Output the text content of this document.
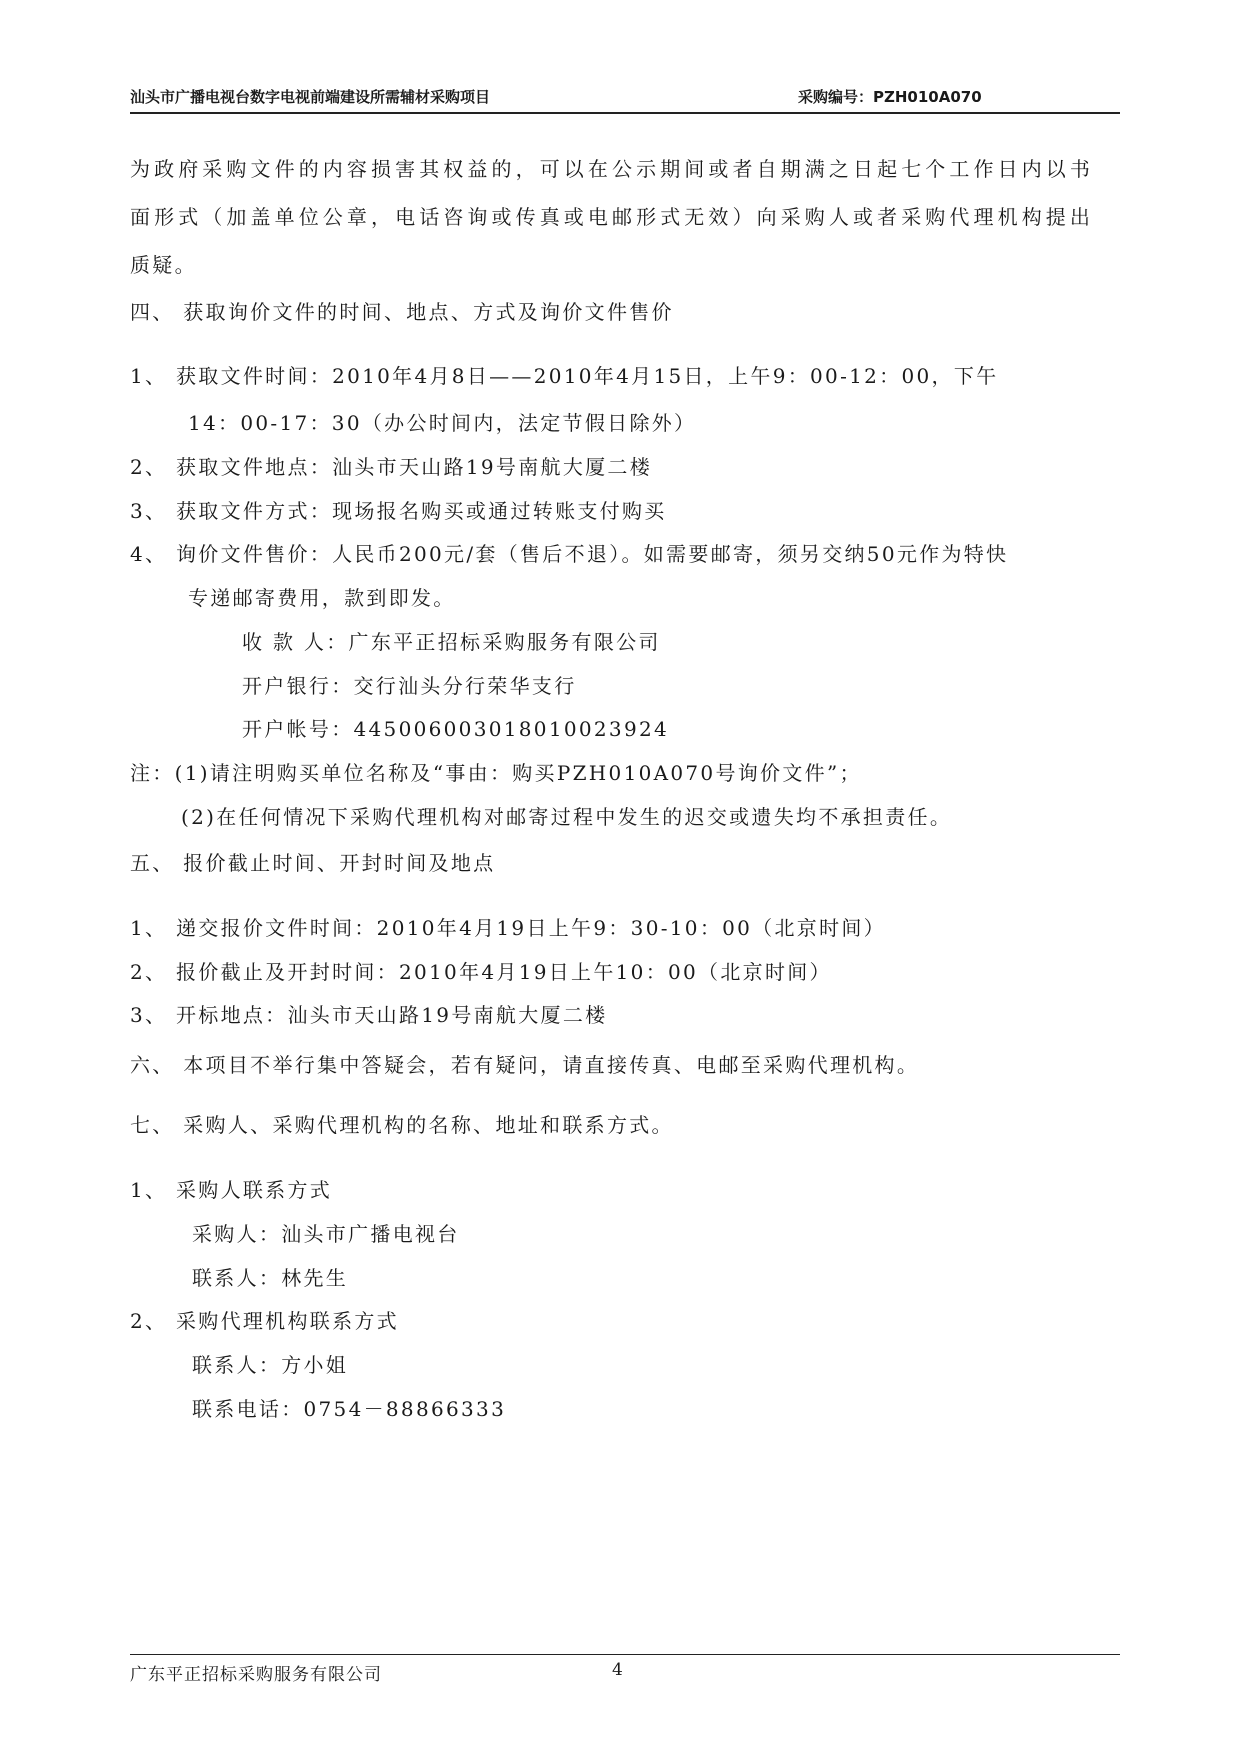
汕头市广播电视台数字电视前端建设所需辅材采购项目	采购编号：PZH010A070
为政府采购文件的内容损害其权益的，可以在公示期间或者自期满之日起七个工作日内以书
面形式（加盖单位公章，电话咨询或传真或电邮形式无效）向采购人或者采购代理机构提出
质疑。
四、 获取询价文件的时间、地点、方式及询价文件售价
1、 获取文件时间：2010年4月8日——2010年4月15日，上午9：00-12：00，下午
14：00-17：30（办公时间内，法定节假日除外）
2、 获取文件地点：汕头市天山路19号南航大厦二楼
3、 获取文件方式：现场报名购买或通过转账支付购买
4、 询价文件售价：人民币200元/套（售后不退）。如需要邮寄，须另交纳50元作为特快
专递邮寄费用，款到即发。
收 款 人：广东平正招标采购服务有限公司
开户银行：交行汕头分行荣华支行
开户帐号：445006003018010023924
注：(1)请注明购买单位名称及“事由：购买PZH010A070号询价文件”；
(2)在任何情况下采购代理机构对邮寄过程中发生的迟交或遗失均不承担责任。
五、 报价截止时间、开封时间及地点
1、 递交报价文件时间：2010年4月19日上午9：30-10：00（北京时间）
2、 报价截止及开封时间：2010年4月19日上午10：00（北京时间）
3、 开标地点：汕头市天山路19号南航大厦二楼
六、 本项目不举行集中答疑会，若有疑问，请直接传真、电邮至采购代理机构。
七、 采购人、采购代理机构的名称、地址和联系方式。
1、 采购人联系方式
采购人：汕头市广播电视台
联系人：林先生
2、 采购代理机构联系方式
联系人：方小姐
联系电话：0754－88866333
广东平正招标采购服务有限公司	4
